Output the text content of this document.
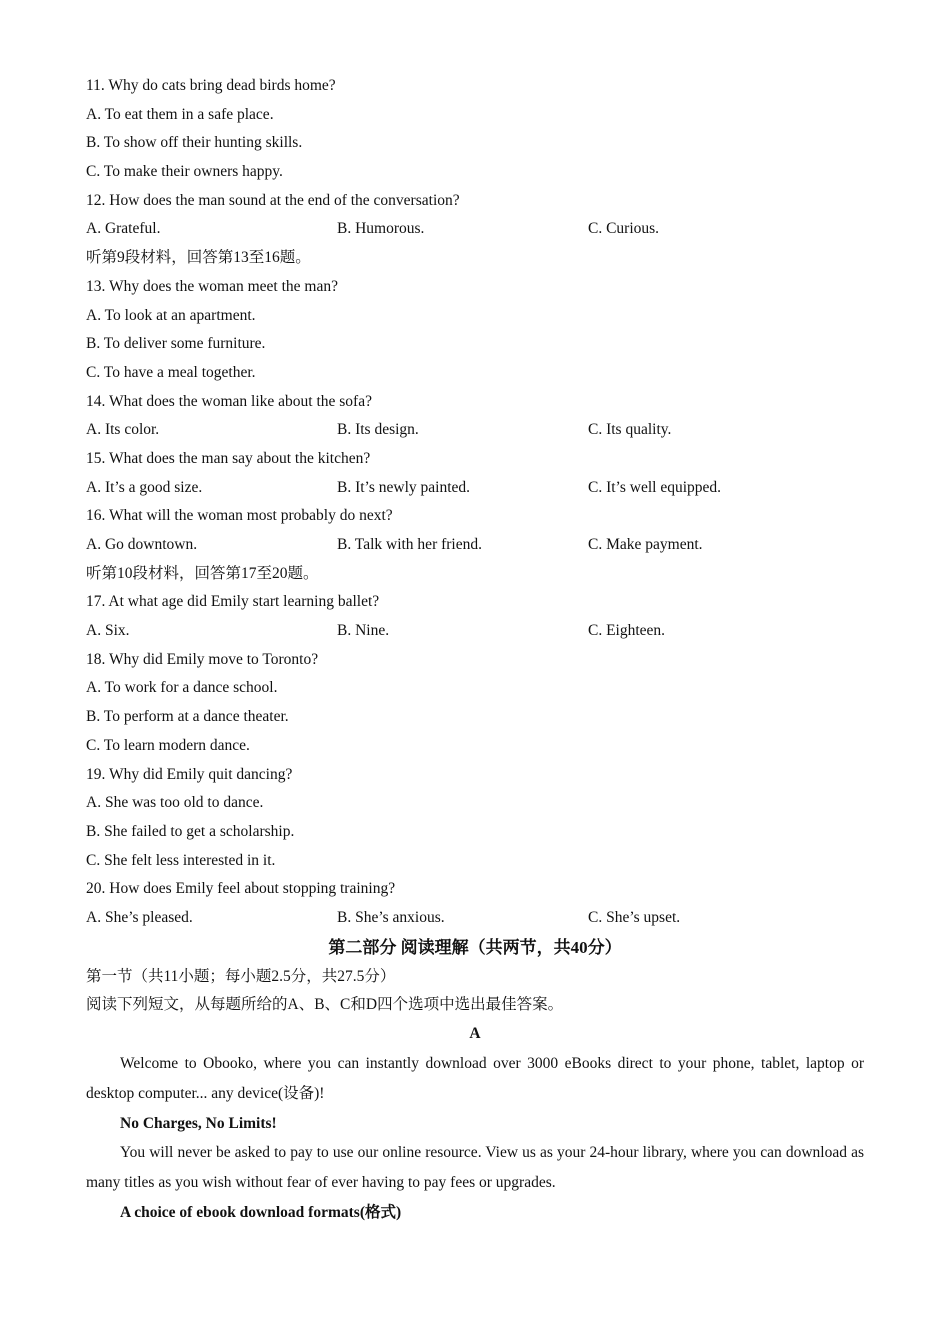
11. Why do cats bring dead birds home?
A. To eat them in a safe place.
B. To show off their hunting skills.
C. To make their owners happy.
12. How does the man sound at the end of the conversation?
A. Grateful.	B. Humorous.	C. Curious.
听第9段材料，回答第13至16题。
13. Why does the woman meet the man?
A. To look at an apartment.
B. To deliver some furniture.
C. To have a meal together.
14. What does the woman like about the sofa?
A. Its color.	B. Its design.	C. Its quality.
15. What does the man say about the kitchen?
A. It’s a good size.	B. It’s newly painted.	C. It’s well equipped.
16. What will the woman most probably do next?
A. Go downtown.	B. Talk with her friend.	C. Make payment.
听第10段材料，回答第17至20题。
17. At what age did Emily start learning ballet?
A. Six.	B. Nine.	C. Eighteen.
18. Why did Emily move to Toronto?
A. To work for a dance school.
B. To perform at a dance theater.
C. To learn modern dance.
19. Why did Emily quit dancing?
A. She was too old to dance.
B. She failed to get a scholarship.
C. She felt less interested in it.
20. How does Emily feel about stopping training?
A. She’s pleased.	B. She’s anxious.	C. She’s upset.
第二部分 阅读理解（共两节，共40分）
第一节（共11小题；每小题2.5分，共27.5分）
阅读下列短文，从每题所给的A、B、C和D四个选项中选出最佳答案。
A
Welcome to Obooko, where you can instantly download over 3000 eBooks direct to your phone, tablet, laptop or desktop computer... any device(设备)!
No Charges, No Limits!
You will never be asked to pay to use our online resource. View us as your 24-hour library, where you can download as many titles as you wish without fear of ever having to pay fees or upgrades.
A choice of ebook download formats(格式)
